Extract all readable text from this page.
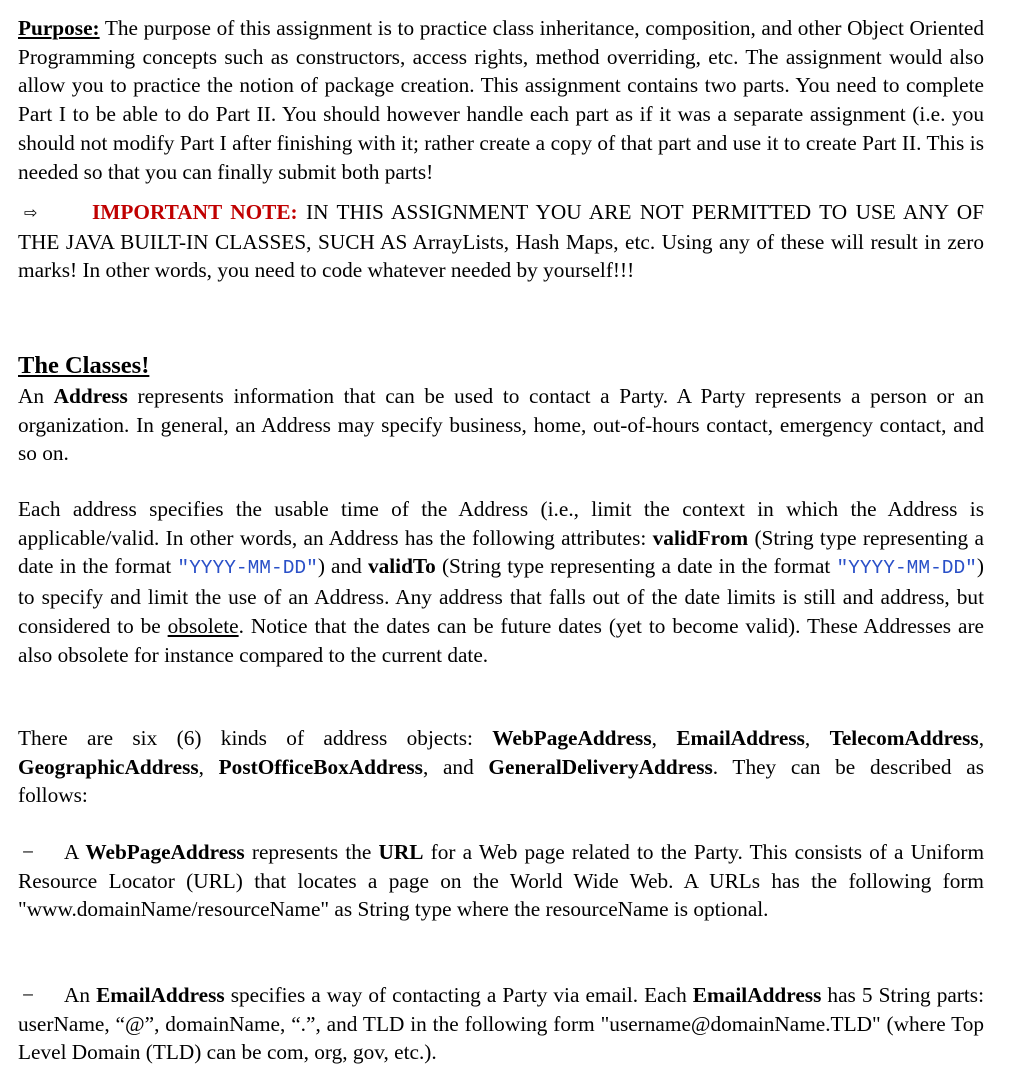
Purpose: The purpose of this assignment is to practice class inheritance, composition, and other Object Oriented Programming concepts such as constructors, access rights, method overriding, etc. The assignment would also allow you to practice the notion of package creation. This assignment contains two parts. You need to complete Part I to be able to do Part II. You should however handle each part as if it was a separate assignment (i.e. you should not modify Part I after finishing with it; rather create a copy of that part and use it to create Part II. This is needed so that you can finally submit both parts!

⇨	IMPORTANT NOTE: IN THIS ASSIGNMENT YOU ARE NOT PERMITTED TO USE ANY OF THE JAVA BUILT-IN CLASSES, SUCH AS ArrayLists, Hash Maps, etc. Using any of these will result in zero marks! In other words, you need to code whatever needed by yourself!!!

The Classes!

An Address represents information that can be used to contact a Party. A Party represents a person or an organization. In general, an Address may specify business, home, out-of-hours contact, emergency contact, and so on.

Each address specifies the usable time of the Address (i.e., limit the context in which the Address is applicable/valid. In other words, an Address has the following attributes: validFrom (String type representing a date in the format "YYYY-MM-DD") and validTo (String type representing a date in the format "YYYY-MM-DD") to specify and limit the use of an Address. Any address that falls out of the date limits is still and address, but considered to be obsolete. Notice that the dates can be future dates (yet to become valid). These Addresses are also obsolete for instance compared to the current date.

There are six (6) kinds of address objects: WebPageAddress, EmailAddress, TelecomAddress, GeographicAddress, PostOfficeBoxAddress, and GeneralDeliveryAddress. They can be described as follows:

− A WebPageAddress represents the URL for a Web page related to the Party. This consists of a Uniform Resource Locator (URL) that locates a page on the World Wide Web. A URLs has the following form "www.domainName/resourceName" as String type where the resourceName is optional.

− An EmailAddress specifies a way of contacting a Party via email. Each EmailAddress has 5 String parts: userName, “@”, domainName, “.”, and TLD in the following form "username@domainName.TLD" (where Top Level Domain (TLD) can be com, org, gov, etc.).
